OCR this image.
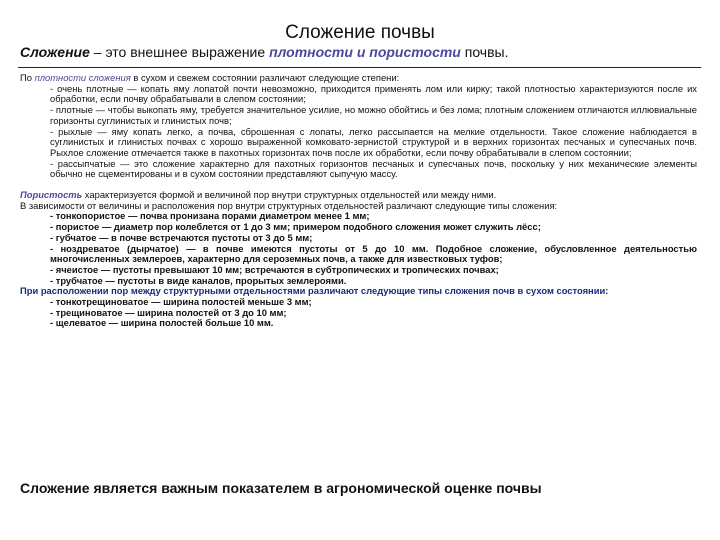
Сложение почвы
Сложение – это внешнее выражение плотности и пористости почвы.

По плотности сложения в сухом и свежем состоянии различают следующие степени:

- очень плотные — копать яму лопатой почти невозможно, приходится применять лом или кирку; такой плотностью характеризуются после их обработки, если почву обрабатывали в слепом состоянии;

- плотные — чтобы выкопать яму, требуется значительное усилие, но можно обойтись и без лома; плотным сложением отличаются иллювиальные горизонты суглинистых и глинистых почв;

- рыхлые — яму копать легко, а почва, сброшенная с лопаты, легко рассыпается на мелкие отдельности. Такое сложение наблюдается в суглинистых и глинистых почвах с хорошо выраженной комковато-зернистой структурой и в верхних горизонтах песчаных и супесчаных почв. Рыхлое сложение отмечается также в пахотных горизонтах почв после их обработки, если почву обрабатывали в слепом состоянии;

- рассыпчатые — это сложение характерно для пахотных горизонтов песчаных и супесчаных почв, поскольку у них механические элементы обычно не сцементированы и в сухом состоянии представляют сыпучую массу.

Пористость характеризуется формой и величиной пор внутри структурных отдельностей или между ними.

В зависимости от величины и расположения пор внутри структурных отдельностей различают следующие типы сложения:

- тонкопористое — почва пронизана порами диаметром менее 1 мм;

- пористое — диаметр пор колеблется от 1 до 3 мм; примером подобного сложения может служить лёсс;

- губчатое — в почве встречаются пустоты от 3 до 5 мм;

- ноздреватое (дырчатое) — в почве имеются пустоты от 5 до 10 мм. Подобное сложение, обусловленное деятельностью многочисленных землероев, характерно для сероземных почв, а также для известковых туфов;

- ячеистое — пустоты превышают 10 мм; встречаются в субтропических и тропических почвах;

- трубчатое — пустоты в виде каналов, прорытых землероями.

При расположении пор между структурными отдельностями различают следующие типы сложения почв в сухом состоянии:

- тонкотрещиноватое — ширина полостей меньше 3 мм;

- трещиноватое — ширина полостей от 3 до 10 мм;

- щелеватое — ширина полостей больше 10 мм.

Сложение является важным показателем в агрономической оценке почвы
